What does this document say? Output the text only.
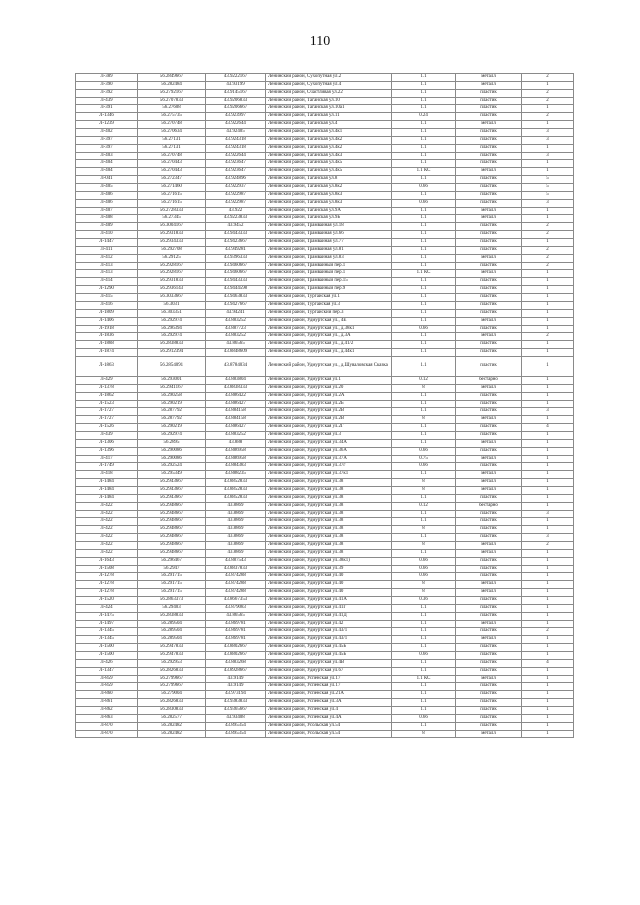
110
Л-389	56.2849667	43.9222167	Ленинский район, Сухопутная ул.2	1.1	металл	2
Л-390	56.282484	43.93199	Ленинский район, Сухопутная ул.4	1.1	металл	1
Л-392	56.2792167	43.9145167	Ленинский район, Счастливая ул.22	1.1	пластик	2
Л-439	56.2707833	43.9206833	Ленинский район, Таганская ул.10	1.1	пластик	2
Л-391	56.27608	43.9206667	Ленинский район, Таганская ул.10а1	1.1	пластик	1
Л-1346	56.275735	43.923997	Ленинский район, Таганская ул.11	0.24	пластик	2
Л-1239	56.270748	43.922644	Ленинский район, Таганская ул.4	1.1	металл	1
Л-402	56.270634	43.92405	Ленинский район, Таганская ул.4к1	1.1	пластик	3
Л-397	56.27131	43.924318	Ленинский район, Таганская ул.4к2	1.1	пластик	3
Л-397	56.27131	43.924318	Ленинский район, Таганская ул.4к2	1.1	пластик	1
Л-403	56.270748	43.922644	Ленинский район, Таганская ул.4к3	1.1	пластик	3
Л-404	56.270443	43.923647	Ленинский район, Таганская ул.4к5	1.1	пластик	1
Л-404	56.270443	43.923647	Ленинский район, Таганская ул.4к5	1.1 КС	металл	1
Л-041	56.272347	43.924896	Ленинский район, Таганская ул.8	1.1	пластик	5
Л-405	56.271460	43.922937	Ленинский район, Таганская ул.8к2	0.66	пластик	5
Л-406	56.271615	43.922987	Ленинский район, Таганская ул.8к3	1.1	пластик	5
Л-406	56.271615	43.922987	Ленинский район, Таганская ул.8к3	0.66	пластик	3
Л-407	56.2728333	43.922	Ленинский район, Таганская ул.9А	1.1	металл	1
Л-408	56.27345	43.9223833	Ленинский район, Таганская ул.9Б	1.1	металл	1
Л-409	56.3004167	43.9452	Ленинский район, Трамвайная ул.18	1.1	пластик	2
Л-410	56.2931833	43.9443333	Ленинский район, Трамвайная ул.66	1.1	пластик	2
Л-1447	56.2934333	43.9423667	Ленинский район, Трамвайная ул.77	1.1	пластик	1
Л-411	56.292708	43.949281	Ленинский район, Трамвайная ул.81	1.1	пластик	2
Л-412	56.29125	43.9396333	Ленинский район, Трамвайная ул.83	1.1	металл	2
Л-413	56.2928167	43.9460667	Ленинский район, Трамвайный пер.1	1.1	пластик	2
Л-413	56.2928167	43.9460667	Ленинский район, Трамвайный пер.1	1.1 КС	металл	1
Л-414	56.2931833	43.9443333	Ленинский район, Трамвайный пер.15	1.1	пластик	1
Л-1290	56.2936143	43.9444598	Ленинский район, Трамвайный пер.9	1.1	пластик	1
Л-415	56.3033667	43.9463833	Ленинский район, Тургайская ул.1	1.1	пластик	1
Л-416	56.3031	43.9427667	Ленинский район, Тургайская ул.3	1.1	пластик	1
Л-1809	56.303351	43.94241	Ленинский район, Тургайский пер.3	1.1	пластик	1
Л-1406	56.292974	43.883252	Ленинский район, Удмуртская ул., 4Е	1.1	металл	1
Л-1918	56.296394	43.887723	Ленинский район, Удмуртская ул., д.38к1	0.66	пластик	1
Л-1836	56.292974	43.883252	Ленинский район, Удмуртская ул., д.3А	1.1	металл	2
Л-1888	56.2838833	43.86565	Ленинский район, Удмуртская ул., д.41/2	1.1	пластик	1
Л-1874	56.2912394	43.8848609	Ленинский район, Удмуртская ул., д.44к1	1.1	пластик	1
Л-1863	56.2854091	43.8784034	Ленинский район, Удмуртская ул., д.Шуваловская Сказка	1.1	пластик	1
Л-429	56.293001	43.883804	Ленинский район, Удмуртская ул.1	0.12	бестарно	1
Л-1378	56.2941167	43.8838333	Ленинский район, Удмуртская ул.20	8	металл	1
Л-1862	56.290258	43.886422	Ленинский район, Удмуртская ул.2А	1.1	пластик	1
Л-1523	56.290219	43.886427	Ленинский район, Удмуртская ул.2Б	1.1	пластик	1
Л-1727	56.287792	43.884158	Ленинский район, Удмуртская ул.2В	1.1	пластик	3
Л-1727	56.287792	43.884158	Ленинский район, Удмуртская ул.2В	8	металл	1
Л-1526	56.290219	43.886427	Ленинский район, Удмуртская ул.2Г	1.1	пластик	4
Л-439	56.292974	43.883252	Ленинский район, Удмуртская ул.3	1.1	пластик	1
Л-1306	56.2895	43.888	Ленинский район, Удмуртская ул.34А	1.1	металл	1
Л-1396	56.290086	43.886958	Ленинский район, Удмуртская ул.36А	0.66	пластик	1
Л-417	56.290086	43.886958	Ленинский район, Удмуртская ул.37А	0.75	металл	1
Л-1749	56.292524	43.884383	Ленинский район, Удмуртская ул.37г	0.66	пластик	1
Л-418	56.295349	43.888235	Ленинский район, Удмуртская ул.37к1	1.1	металл	1
Л-1484	56.2943667	43.8852833	Ленинский район, Удмуртская ул.38	8	металл	1
Л-1484	56.2943667	43.8852833	Ленинский район, Удмуртская ул.38	8	металл	1
Л-1484	56.2943667	43.8852833	Ленинский район, Удмуртская ул.38	1.1	пластик	1
Л-422	56.2948667	43.8869	Ленинский район, Удмуртская ул.38	0.12	бестарно	1
Л-422	56.2948667	43.8869	Ленинский район, Удмуртская ул.38	1.1	пластик	3
Л-422	56.2948667	43.8869	Ленинский район, Удмуртская ул.38	1.1	пластик	1
Л-422	56.2948667	43.8869	Ленинский район, Удмуртская ул.38	8	пластик	1
Л-422	56.2948667	43.8869	Ленинский район, Удмуртская ул.38	1.1	пластик	3
Л-422	56.2948667	43.8869	Ленинский район, Удмуртская ул.38	8	металл	2
Л-422	56.2948667	43.8869	Ленинский район, Удмуртская ул.38	1.1	металл	1
Л-1643	56.296467	43.887543	Ленинский район, Удмуртская ул.38к1)	0.66	пластик	1
Л-1508	56.2947	43.8837833	Ленинский район, Удмуртская ул.39	0.66	пластик	1
Л-1278	56.291715	43.874288	Ленинский район, Удмуртская ул.40	0.66	пластик	1
Л-1278	56.291715	43.874288	Ленинский район, Удмуртская ул.40	8	металл	1
Л-1278	56.291715	43.874288	Ленинский район, Удмуртская ул.40	8	металл	1
Л-1520	56.2863373	43.8667353	Ленинский район, Удмуртская ул.41А	0.36	пластик	1
Л-424	56.29403	43.879083	Ленинский район, Удмуртская ул.41Г	1.1	пластик	1
Л-1475	56.2838833	43.86565	Ленинский район, Удмуртская ул.41Д	1.1	пластик	1
Л-1497	56.289504	43.869781	Ленинский район, Удмуртская ул.42	1.1	металл	1
Л-1345	56.289504	43.869781	Ленинский район, Удмуртская ул.43/1	1.1	пластик	2
Л-1345	56.289504	43.869781	Ленинский район, Удмуртская ул.43/1	1.1	металл	1
Л-1500	56.2947833	43.8802667	Ленинский район, Удмуртская ул.45Б	1.1	пластик	1
Л-1500	56.2947833	43.8802667	Ленинский район, Удмуртская ул.45Б	0.66	пластик	1
Л-426	56.292953	43.883268	Ленинский район, Удмуртская ул.4В	1.1	пластик	4
Л-1347	56.2826833	43.8928667	Ленинский район, Удмуртская ул.67	1.1	пластик	1
Л-859	56.2799667	43.9149	Ленинский район, Успенская ул.17	1.1 КС	металл	1
Л-859	56.2799667	43.9149	Ленинский район, Успенская ул.17	1.1	пластик	1
Л-860	56.279004	43.973194	Ленинский район, Успенская ул.21А	1.1	пластик	1
Л-861	56.2826833	43.9383833	Ленинский район, Успенская ул.3А	1.1	пластик	1
Л-862	56.2830833	43.9365667	Ленинский район, Успенская ул.4	1.1	пластик	1
Л-863	56.282577	43.93408	Ленинский район, Успенская ул.4А	0.66	пластик	1
Л-870	56.282482	43.895354	Ленинский район, Усольская ул.54	1.1	пластик	1
Л-870	56.282482	43.895354	Ленинский район, Усольская ул.54	8	металл	1
